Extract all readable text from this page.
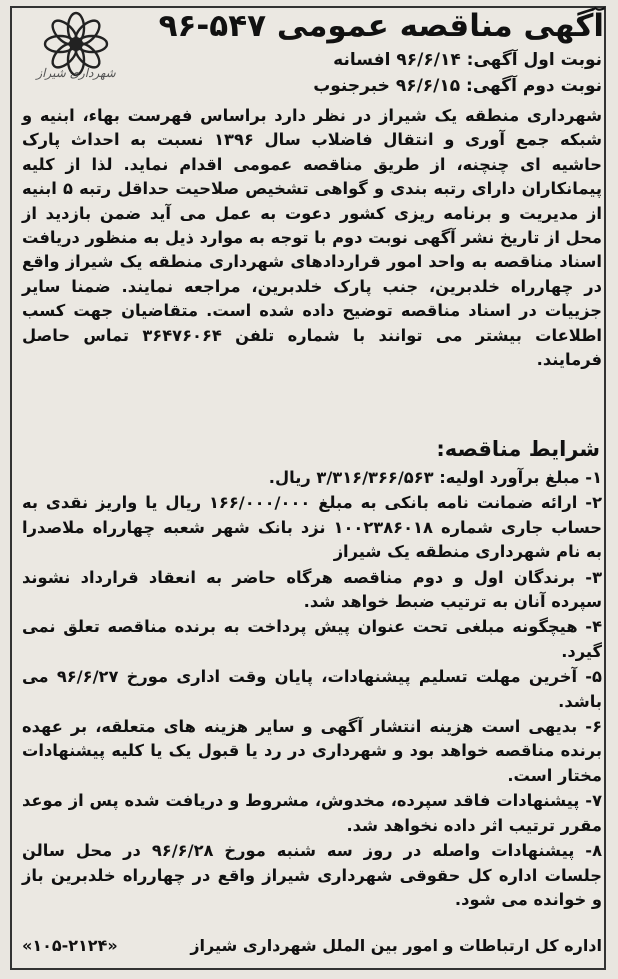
شهرداری شیراز
آگهی مناقصه عمومی ۵۴۷-۹۶
نوبت اول آگهی: ۹۶/۶/۱۴ افسانه
نوبت دوم آگهی: ۹۶/۶/۱۵ خبرجنوب
شهرداری منطقه یک شیراز در نظر دارد براساس فهرست بهاء، ابنیه و شبکه جمع آوری و انتقال فاضلاب سال ۱۳۹۶ نسبت به احداث پارک حاشیه ای چنچنه، از طریق مناقصه عمومی اقدام نماید. لذا از کلیه پیمانکاران دارای رتبه بندی و گواهی تشخیص صلاحیت حداقل رتبه ۵ ابنیه از مدیریت و برنامه ریزی کشور دعوت به عمل می آید ضمن بازدید از محل از تاریخ نشر آگهی نوبت دوم با توجه به موارد ذیل به منظور دریافت اسناد مناقصه به واحد امور قراردادهای شهرداری منطقه یک شیراز واقع در چهارراه خلدبرین، جنب پارک خلدبرین، مراجعه نمایند. ضمنا سایر جزییات در اسناد مناقصه توضیح داده شده است. متقاضیان جهت کسب اطلاعات بیشتر می توانند با شماره تلفن ۳۶۴۷۶۰۶۴ تماس حاصل فرمایند.
شرایط مناقصه:
۱- مبلغ برآورد اولیه: ۳/۳۱۶/۳۶۶/۵۶۳ ریال.
۲- ارائه ضمانت نامه بانکی به مبلغ ۱۶۶/۰۰۰/۰۰۰ ریال یا واریز نقدی به حساب جاری شماره ۱۰۰۲۳۸۶۰۱۸ نزد بانک شهر شعبه چهارراه ملاصدرا به نام شهرداری منطقه یک شیراز
۳- برندگان اول و دوم مناقصه هرگاه حاضر به انعقاد قرارداد نشوند سپرده آنان به ترتیب ضبط خواهد شد.
۴- هیچگونه مبلغی تحت عنوان پیش پرداخت به برنده مناقصه تعلق نمی گیرد.
۵- آخرین مهلت تسلیم پیشنهادات، پایان وقت اداری مورخ ۹۶/۶/۲۷ می باشد.
۶- بدیهی است هزینه انتشار آگهی و سایر هزینه های متعلقه، بر عهده برنده مناقصه خواهد بود و شهرداری در رد یا قبول یک یا کلیه پیشنهادات مختار است.
۷- پیشنهادات فاقد سپرده، مخدوش، مشروط و دریافت شده پس از موعد مقرر ترتیب اثر داده نخواهد شد.
۸- پیشنهادات واصله در روز سه شنبه مورخ ۹۶/۶/۲۸ در محل سالن جلسات اداره کل حقوقی شهرداری شیراز واقع در چهارراه خلدبرین باز و خوانده می شود.
اداره کل ارتباطات و امور بین الملل شهرداری شیراز
«۱۰۵-۲۱۲۴»
